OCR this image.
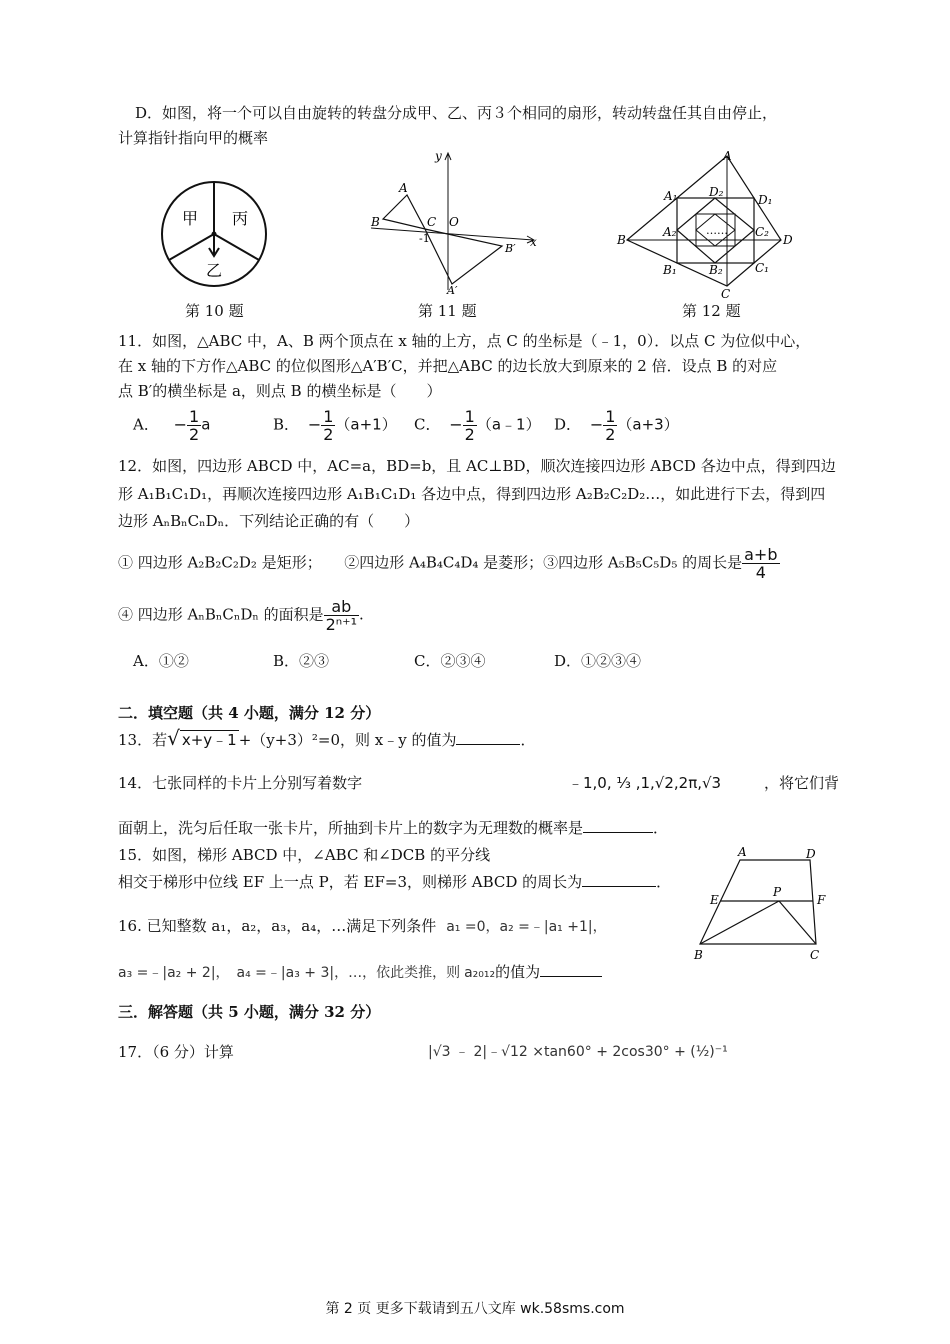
D．如图，将一个可以自由旋转的转盘分成甲、乙、丙３个相同的扇形，转动转盘任其自由停止，
计算指针指向甲的概率
甲 丙
乙
第 10 题
y
A
B	C O
-1	x
B′
A′
第 11 题
A
A₁	D₂
D₁
A₂	…… C₂
D
B
B₁	B₂	C₁
C
第 12 题
11．如图，△ABC 中，A、B 两个顶点在 x 轴的上方，点 C 的坐标是（﹣1，0）．以点 C 为位似中心，
在 x 轴的下方作△ABC 的位似图形△A′B′C，并把△ABC 的边长放大到原来的 2 倍．设点 B 的对应
点 B′的横坐标是 a，则点 B 的横坐标是（　　）
A． − $\frac{1}{2}$ a	B． − $\frac{1}{2} (a+1)$ C． − $\frac{1}{2}$ （a﹣1） D． − $\frac{1}{2} (a+3)$
12．如图，四边形 ABCD 中，AC=a，BD=b，且 AC⊥BD，顺次连接四边形 ABCD 各边中点，得到四边
形 A₁B₁C₁D₁，再顺次连接四边形 A₁B₁C₁D₁ 各边中点，得到四边形 A₂B₂C₂D₂…，如此进行下去，得到四
边形 AₙBₙCₙDₙ．下列结论正确的有（　　）
① 四边形 A₂B₂C₂D₂ 是矩形；　　②四边形 A₄B₄C₄D₄ 是菱形；③四边形 A₅B₅C₅D₅ 的周长是 $\frac{a+b}{4}$
④ 四边形 AₙBₙCₙDₙ 的面积是 $\frac{ab}{\text{2ⁿ⁺¹}}$ .
A．①②	B．②③	C．②③④	D．①②③④
二．填空题（共 4 小题，满分 12 分）
13．若√ x+y﹣1 +（y+3）²=0，则 x﹣y 的值为	．
14．七张同样的卡片上分别写着数字	﹣1,0, ⅓ ,1,√2,2π,√3	，将它们背
面朝上，洗匀后任取一张卡片，所抽到卡片上的数字为无理数的概率是	．
15．如图，梯形 ABCD 中，∠ABC 和∠DCB 的平分线
相交于梯形中位线 EF 上一点 P，若 EF=3，则梯形 ABCD 的周长为	．
A	D
E
P
F
B	C
16. 已知整数 a₁，a₂，a₃，a₄，…满足下列条件 a₁ =0，a₂ =﹣|a₁ +1|，
a₃ =﹣|a₂ + 2|，　a₄ =﹣|a₃ + 3|，…，依此类推，则 a₂₀₁₂的值为
三．解答题（共 5 小题，满分 32 分）
17．（6 分）计算	|√3 ﹣ 2|﹣√12 ×tan60° + 2cos30° + (½)⁻¹
第 2 页 更多下载请到五八文库 wk.58sms.com
